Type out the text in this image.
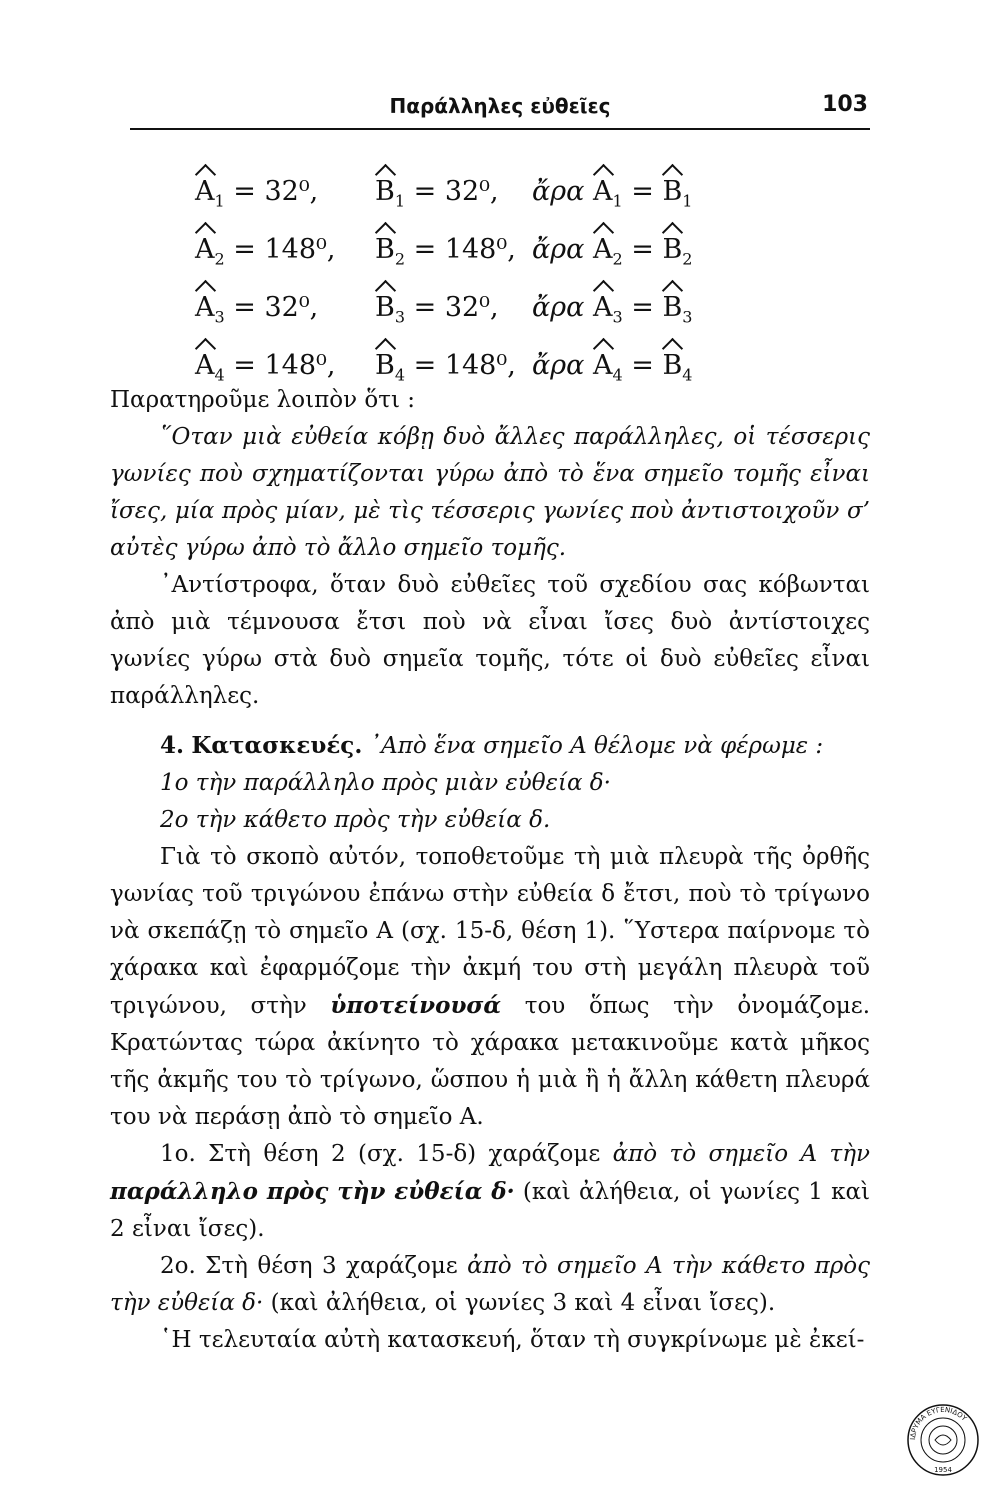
Παράλληλες εὐθεῖες	103
$A_1 = 32^0$, $B_1 = 32^0$, ἄρα $A_1 = B_1$
$A_2 = 148^0$, $B_2 = 148^0$, ἄρα $A_2 = B_2$
$A_3 = 32^0$, $B_3 = 32^0$, ἄρα $A_3 = B_3$
$A_4 = 148^0$, $B_4 = 148^0$, ἄρα $A_4 = B_4$

Παρατηροῦμε λοιπὸν ὅτι :

῞Οταν μιὰ εὐθεία κόβῃ δυὸ ἄλλες παράλληλες, οἱ τέσσερις γωνίες ποὺ σχηματίζονται γύρω ἀπὸ τὸ ἕνα σημεῖο τομῆς εἶναι ἴσες, μία πρὸς μίαν, μὲ τὶς τέσσερις γωνίες ποὺ ἀντιστοιχοῦν σ’ αὐτὲς γύρω ἀπὸ τὸ ἄλλο σημεῖο τομῆς.

᾿Αντίστροφα, ὅταν δυὸ εὐθεῖες τοῦ σχεδίου σας κόβωνται ἀπὸ μιὰ τέμνουσα ἔτσι ποὺ νὰ εἶναι ἴσες δυὸ ἀντίστοιχες γωνίες γύρω στὰ δυὸ σημεῖα τομῆς, τότε οἱ δυὸ εὐθεῖες εἶναι παράλληλες.

4. Κατασκευές. ᾿Απὸ ἕνα σημεῖο Α θέλομε νὰ φέρωμε :

1ο τὴν παράλληλο πρὸς μιὰν εὐθεία δ·

2ο τὴν κάθετο πρὸς τὴν εὐθεία δ.

Γιὰ τὸ σκοπὸ αὐτόν, τοποθετοῦμε τὴ μιὰ πλευρὰ τῆς ὀρθῆς γωνίας τοῦ τριγώνου ἐπάνω στὴν εὐθεία δ ἔτσι, ποὺ τὸ τρίγωνο νὰ σκεπάζῃ τὸ σημεῖο Α (σχ. 15-δ, θέση 1). ῞Υστερα παίρνομε τὸ χάρακα καὶ ἐφαρμόζομε τὴν ἀκμή του στὴ μεγάλη πλευρὰ τοῦ τριγώνου, στὴν ὑποτείνουσά του ὅπως τὴν ὀνομάζομε. Κρατώντας τώρα ἀκίνητο τὸ χάρακα μετακινοῦμε κατὰ μῆκος τῆς ἀκμῆς του τὸ τρίγωνο, ὥσπου ἡ μιὰ ἢ ἡ ἄλλη κάθετη πλευρά του νὰ περάσῃ ἀπὸ τὸ σημεῖο Α.

1ο. Στὴ θέση 2 (σχ. 15-δ) χαράζομε ἀπὸ τὸ σημεῖο Α τὴν παράλληλο πρὸς τὴν εὐθεία δ· (καὶ ἀλήθεια, οἱ γωνίες 1 καὶ 2 εἶναι ἴσες).

2ο. Στὴ θέση 3 χαράζομε ἀπὸ τὸ σημεῖο Α τὴν κάθετο πρὸς τὴν εὐθεία δ· (καὶ ἀλήθεια, οἱ γωνίες 3 καὶ 4 εἶναι ἴσες).

῾Η τελευταία αὐτὴ κατασκευή, ὅταν τὴ συγκρίνωμε μὲ ἐκεί-

ΙΔΡΥΜΑ ΕΥΓΕΝΙΔΟΥ
1954
